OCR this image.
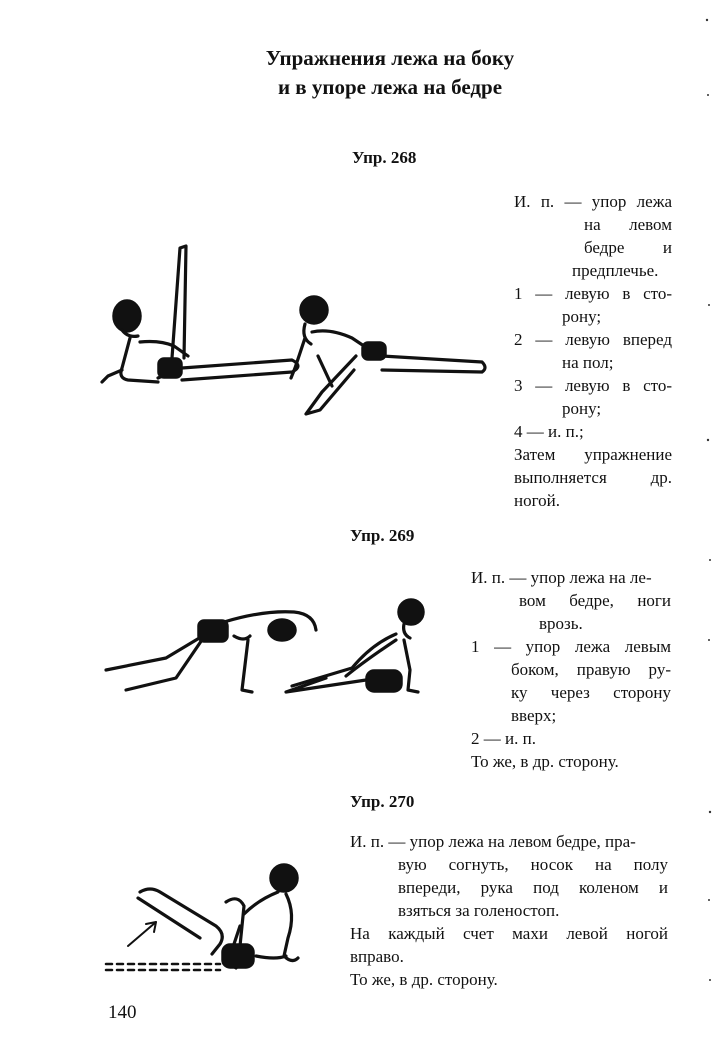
Упражнения лежа на боку
и в упоре лежа на бедре
Упр. 268
И. п. — упор лежа
на левом
бедре и
предплечье.
1 — левую в сто-
рону;
2 — левую вперед
на пол;
3 — левую в сто-
рону;
4 — и. п.;
Затем упражнение
выполняется др.
ногой.
Упр. 269
И. п. — упор лежа на ле-
вом бедре, ноги
врозь.
1 — упор лежа левым
боком, правую ру-
ку через сторону
вверх;
2 — и. п.
То же, в др. сторону.
Упр. 270
И. п. — упор лежа на левом бедре, пра-
вую согнуть, носок на полу
впереди, рука под коленом и
взяться за голеностоп.
На каждый счет махи левой ногой
вправо.
То же, в др. сторону.
140
